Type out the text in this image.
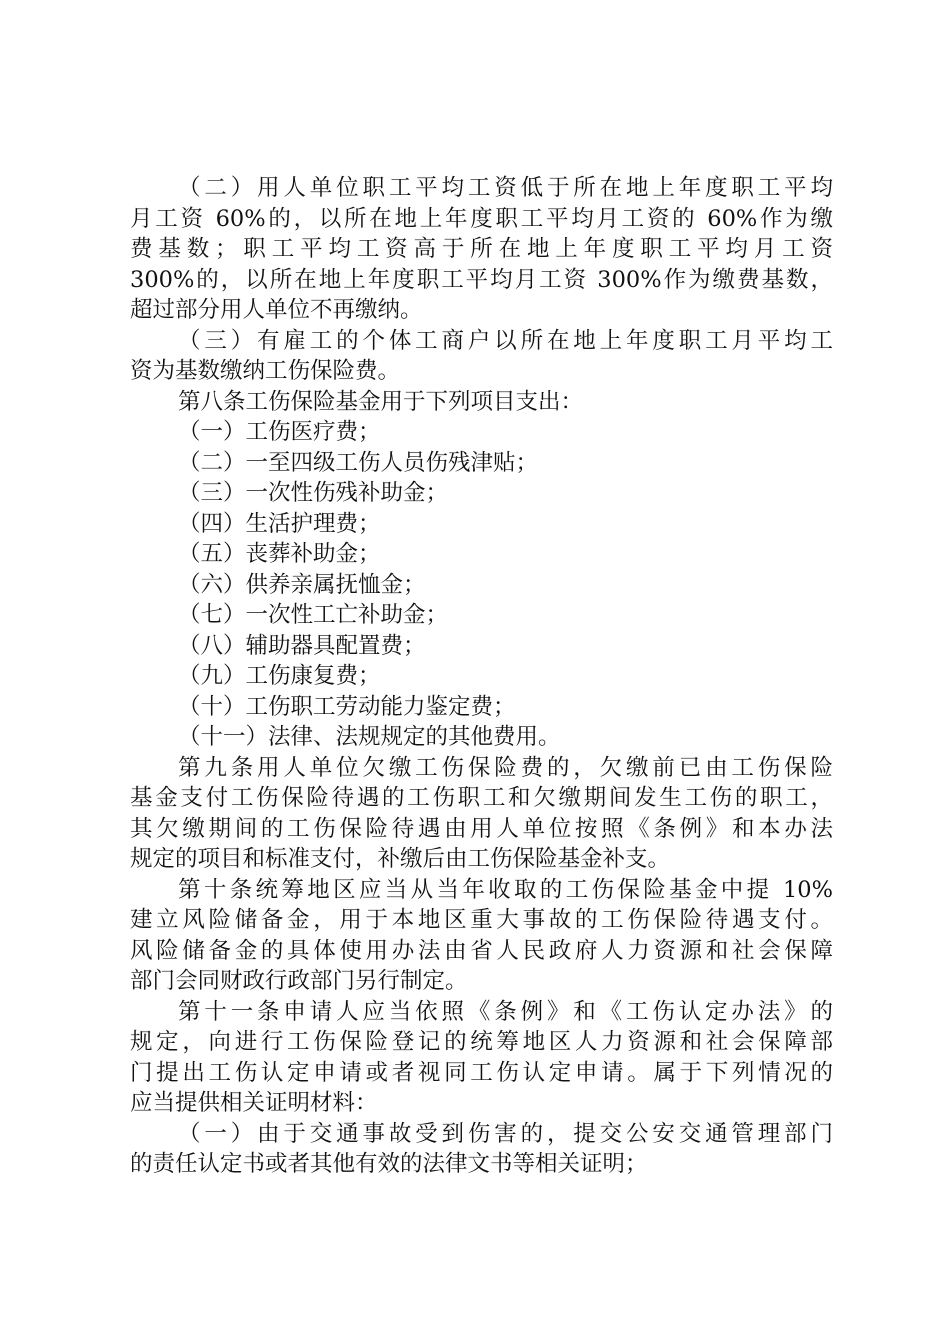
（二）用人单位职工平均工资低于所在地上年度职工平均
月工资 60%的，以所在地上年度职工平均月工资的 60%作为缴
费基数；职工平均工资高于所在地上年度职工平均月工资
300%的，以所在地上年度职工平均月工资 300%作为缴费基数，
超过部分用人单位不再缴纳。
（三）有雇工的个体工商户以所在地上年度职工月平均工
资为基数缴纳工伤保险费。
第八条工伤保险基金用于下列项目支出：
（一）工伤医疗费；
（二）一至四级工伤人员伤残津贴；
（三）一次性伤残补助金；
（四）生活护理费；
（五）丧葬补助金；
（六）供养亲属抚恤金；
（七）一次性工亡补助金；
（八）辅助器具配置费；
（九）工伤康复费；
（十）工伤职工劳动能力鉴定费；
（十一）法律、法规规定的其他费用。
第九条用人单位欠缴工伤保险费的，欠缴前已由工伤保险
基金支付工伤保险待遇的工伤职工和欠缴期间发生工伤的职工，
其欠缴期间的工伤保险待遇由用人单位按照《条例》和本办法
规定的项目和标准支付，补缴后由工伤保险基金补支。
第十条统筹地区应当从当年收取的工伤保险基金中提 10%
建立风险储备金，用于本地区重大事故的工伤保险待遇支付。
风险储备金的具体使用办法由省人民政府人力资源和社会保障
部门会同财政行政部门另行制定。
第十一条申请人应当依照《条例》和《工伤认定办法》的
规定，向进行工伤保险登记的统筹地区人力资源和社会保障部
门提出工伤认定申请或者视同工伤认定申请。属于下列情况的
应当提供相关证明材料：
（一）由于交通事故受到伤害的，提交公安交通管理部门
的责任认定书或者其他有效的法律文书等相关证明；
